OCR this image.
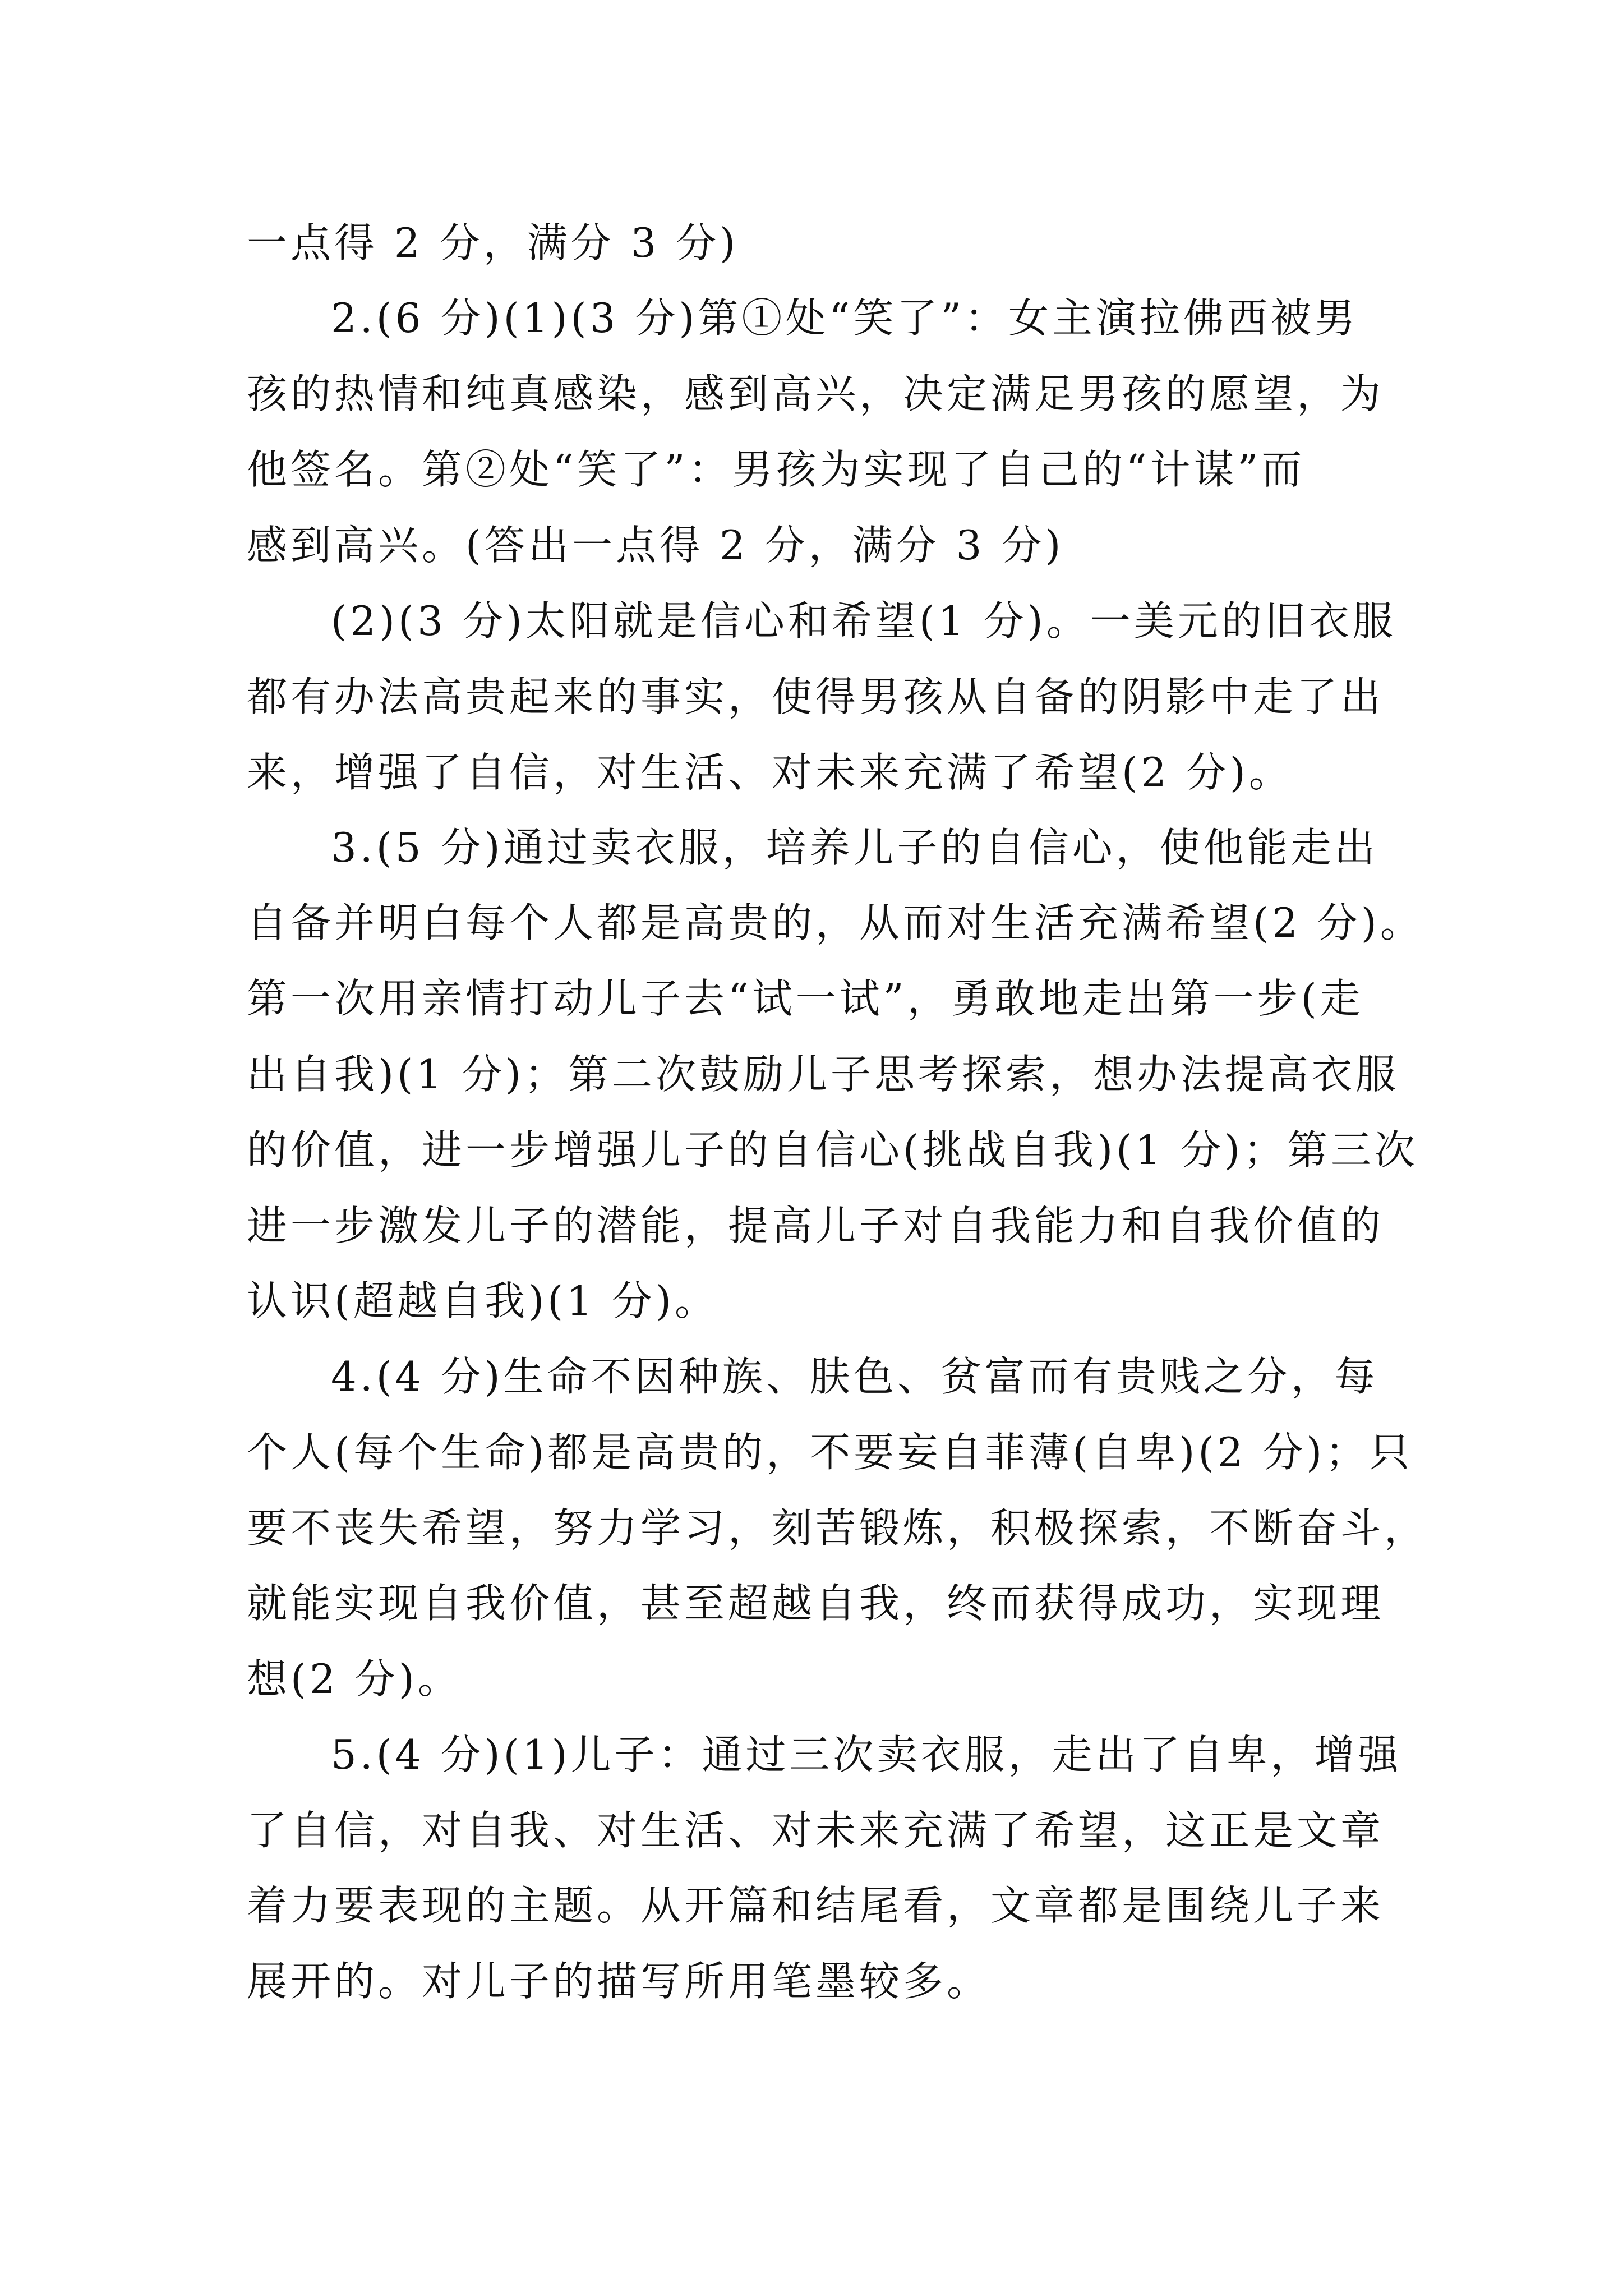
一点得 2 分，满分 3 分)
2.(6 分)(1)(3 分)第①处“笑了”：女主演拉佛西被男
孩的热情和纯真感染，感到高兴，决定满足男孩的愿望，为
他签名。第②处“笑了”：男孩为实现了自己的“计谋”而
感到高兴。(答出一点得 2 分，满分 3 分)
(2)(3 分)太阳就是信心和希望(1 分)。一美元的旧衣服
都有办法高贵起来的事实，使得男孩从自备的阴影中走了出
来，增强了自信，对生活、对未来充满了希望(2 分)。
3.(5 分)通过卖衣服，培养儿子的自信心，使他能走出
自备并明白每个人都是高贵的，从而对生活充满希望(2 分)。
第一次用亲情打动儿子去“试一试”，勇敢地走出第一步(走
出自我)(1 分)；第二次鼓励儿子思考探索，想办法提高衣服
的价值，进一步增强儿子的自信心(挑战自我)(1 分)；第三次
进一步激发儿子的潜能，提高儿子对自我能力和自我价值的
认识(超越自我)(1 分)。
4.(4 分)生命不因种族、肤色、贫富而有贵贱之分，每
个人(每个生命)都是高贵的，不要妄自菲薄(自卑)(2 分)；只
要不丧失希望，努力学习，刻苦锻炼，积极探索，不断奋斗，
就能实现自我价值，甚至超越自我，终而获得成功，实现理
想(2 分)。
5.(4 分)(1)儿子：通过三次卖衣服，走出了自卑，增强
了自信，对自我、对生活、对未来充满了希望，这正是文章
着力要表现的主题。从开篇和结尾看，文章都是围绕儿子来
展开的。对儿子的描写所用笔墨较多。
